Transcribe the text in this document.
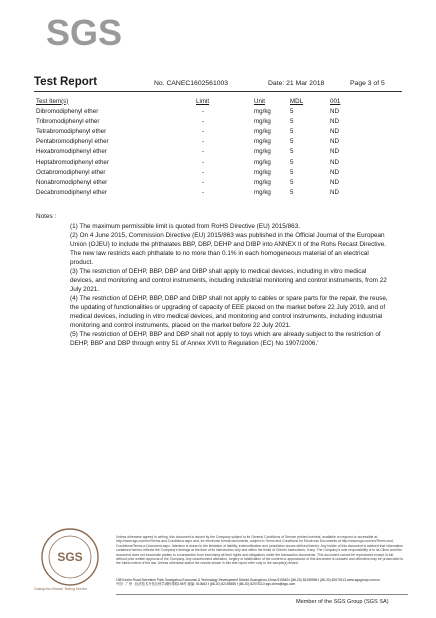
SGS
Test Report	No. CANEC1602561003	Date: 21 Mar 2018	Page 3 of 5
Test Item(s)	Limit	Unit	MDL	001
Dibromodiphenyl ether	-	mg/kg	5	ND
Tribromodiphenyl ether	-	mg/kg	5	ND
Tetrabromodiphenyl ether	-	mg/kg	5	ND
Pentabromodiphenyl ether	-	mg/kg	5	ND
Hexabromodiphenyl ether	-	mg/kg	5	ND
Heptabromodiphenyl ether	-	mg/kg	5	ND
Octabromodiphenyl ether	-	mg/kg	5	ND
Nonabromodiphenyl ether	-	mg/kg	5	ND
Decabromodiphenyl ether	-	mg/kg	5	ND
Notes :

(1) The maximum permissible limit is quoted from RoHS Directive (EU) 2015/863.

(2) On 4 June 2015, Commission Directive (EU) 2015/863 was published in the Official Journal of the European Union (OJEU) to include the phthalates BBP, DBP, DEHP and DIBP into ANNEX II of the Rohs Recast Directive. The new law restricts each phthalate to no more than 0.1% in each homogeneous material of an electrical product.

(3) The restriction of DEHP, BBP, DBP and DIBP shall apply to medical devices, including in vitro medical devices, and monitoring and control instruments, including industrial monitoring and control instruments, from 22 July 2021.

(4) The restriction of DEHP, BBP, DBP and DIBP shall not apply to cables or spare parts for the repair, the reuse, the updating of functionalities or upgrading of capacity of EEE placed on the market before 22 July 2019, and of medical devices, including in vitro medical devices, and monitoring and control instruments, including industrial monitoring and control instruments, placed on the market before 22 July 2021.

(5) The restriction of DEHP, BBP and DBP shall not apply to toys which are already subject to the restriction of DEHP, BBP and DBP through entry 51 of Annex XVII to Regulation (EC) No 1907/2006.'

SGS
Guangzhou Branch Testing Service
Unless otherwise agreed in writing, this document is issued by the Company subject to its General Conditions of Service printed overleaf, available on request or accessible at http://www.sgs.com/en/Terms-and-Conditions.aspx and, for electronic format documents, subject to Terms and Conditions for Electronic Documents at http://www.sgs.com/en/Terms-and-Conditions/Terms-e-Document.aspx. Attention is drawn to the limitation of liability, indemnification and jurisdiction issues defined therein. Any holder of this document is advised that information contained hereon reflects the Company's findings at the time of its intervention only and within the limits of Client's instructions, if any. The Company's sole responsibility is to its Client and this document does not exonerate parties to a transaction from exercising all their rights and obligations under the transaction documents. This document cannot be reproduced except in full, without prior written approval of the Company. Any unauthorized alteration, forgery or falsification of the content or appearance of this document is unlawful and offenders may be prosecuted to the fullest extent of the law. Unless otherwise stated the results shown in this test report refer only to the sample(s) tested.
198 Kezhu Road,Scientech Park Guangzhou Economic & Technology Development District,Guangzhou,China 510663 t (86-20) 82155555 f (86-20) 82075113 www.sgsgroup.com.cn
中国 · 广州 · 经济技术开发区科学城科珠路198号 邮编: 510663 t (86-20) 82155555 f (86-20) 82075113 sgs.china@sgs.com
Member of the SGS Group (SGS SA)
